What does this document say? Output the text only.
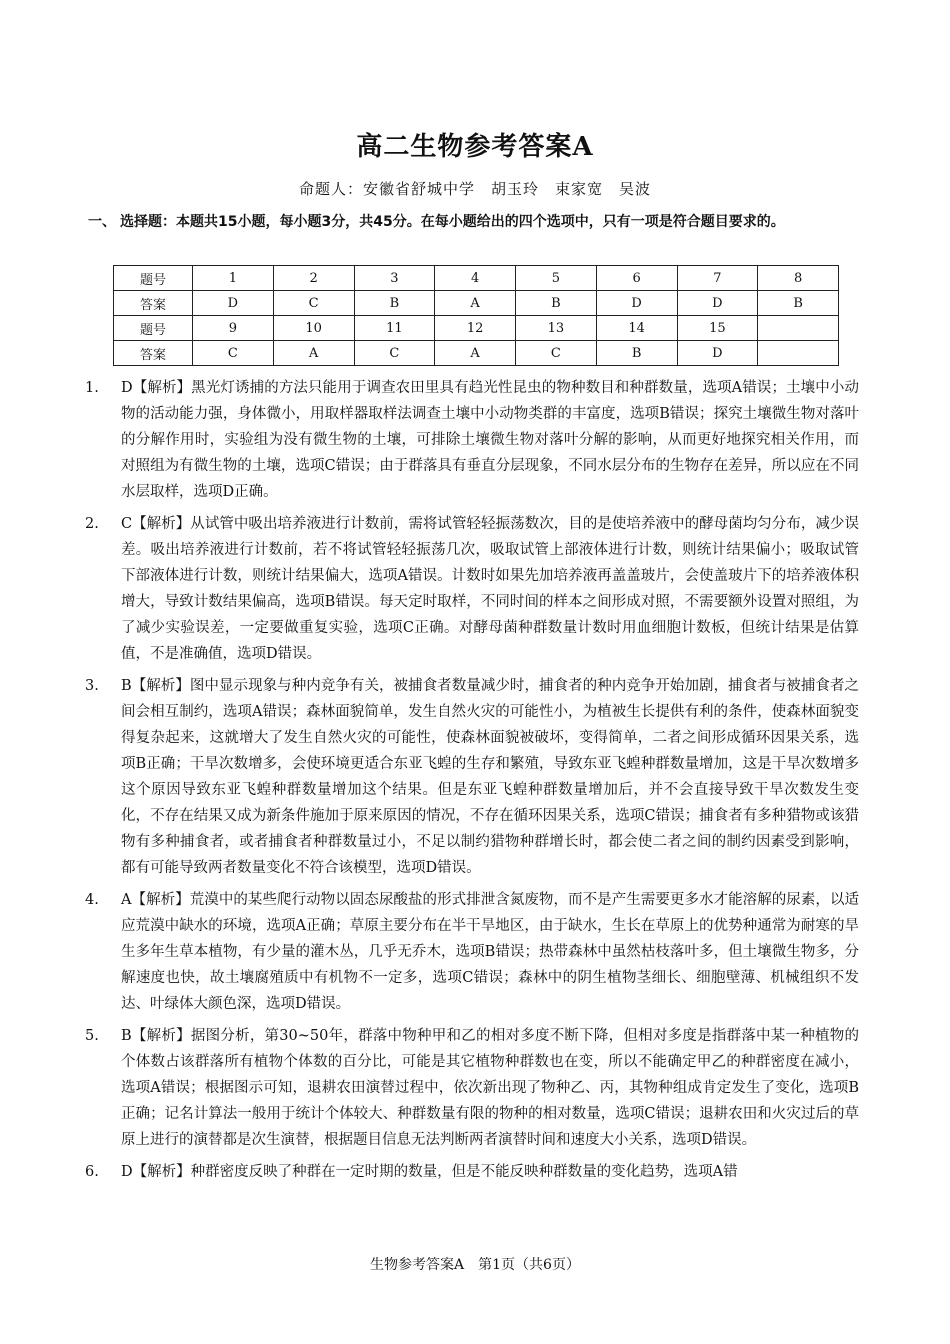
高二生物参考答案A
命题人：安徽省舒城中学　胡玉玲　束家宽　吴波
一、 选择题：本题共15小题，每小题3分，共45分。在每小题给出的四个选项中，只有一项是符合题目要求的。
题号	1	2	3	4	5	6	7	8
答案	D	C	B	A	B	D	D	B
题号	9	10	11	12	13	14	15	
答案	C	A	C	A	C	B	D	
1. D【解析】黑光灯诱捕的方法只能用于调查农田里具有趋光性昆虫的物种数目和种群数量，选项A错误；土壤中小动物的活动能力强，身体微小，用取样器取样法调查土壤中小动物类群的丰富度，选项B错误；探究土壤微生物对落叶的分解作用时，实验组为没有微生物的土壤，可排除土壤微生物对落叶分解的影响，从而更好地探究相关作用，而对照组为有微生物的土壤，选项C错误；由于群落具有垂直分层现象，不同水层分布的生物存在差异，所以应在不同水层取样，选项D正确。
2. C【解析】从试管中吸出培养液进行计数前，需将试管轻轻振荡数次，目的是使培养液中的酵母菌均匀分布，减少误差。吸出培养液进行计数前，若不将试管轻轻振荡几次，吸取试管上部液体进行计数，则统计结果偏小；吸取试管下部液体进行计数，则统计结果偏大，选项A错误。计数时如果先加培养液再盖盖玻片，会使盖玻片下的培养液体积增大，导致计数结果偏高，选项B错误。每天定时取样，不同时间的样本之间形成对照，不需要额外设置对照组，为了减少实验误差，一定要做重复实验，选项C正确。对酵母菌种群数量计数时用血细胞计数板，但统计结果是估算值，不是准确值，选项D错误。
3. B【解析】图中显示现象与种内竞争有关，被捕食者数量减少时，捕食者的种内竞争开始加剧，捕食者与被捕食者之间会相互制约，选项A错误；森林面貌简单，发生自然火灾的可能性小，为植被生长提供有利的条件，使森林面貌变得复杂起来，这就增大了发生自然火灾的可能性，使森林面貌被破坏，变得简单，二者之间形成循环因果关系，选项B正确；干旱次数增多，会使环境更适合东亚飞蝗的生存和繁殖，导致东亚飞蝗种群数量增加，这是干旱次数增多这个原因导致东亚飞蝗种群数量增加这个结果。但是东亚飞蝗种群数量增加后，并不会直接导致干旱次数发生变化，不存在结果又成为新条件施加于原来原因的情况，不存在循环因果关系，选项C错误；捕食者有多种猎物或该猎物有多种捕食者，或者捕食者种群数量过小，不足以制约猎物种群增长时，都会使二者之间的制约因素受到影响，都有可能导致两者数量变化不符合该模型，选项D错误。
4. A【解析】荒漠中的某些爬行动物以固态尿酸盐的形式排泄含氮废物，而不是产生需要更多水才能溶解的尿素，以适应荒漠中缺水的环境，选项A正确；草原主要分布在半干旱地区，由于缺水，生长在草原上的优势种通常为耐寒的旱生多年生草本植物，有少量的灌木丛，几乎无乔木，选项B错误；热带森林中虽然枯枝落叶多，但土壤微生物多，分解速度也快，故土壤腐殖质中有机物不一定多，选项C错误；森林中的阴生植物茎细长、细胞壁薄、机械组织不发达、叶绿体大颜色深，选项D错误。
5. B【解析】据图分析，第30~50年，群落中物种甲和乙的相对多度不断下降，但相对多度是指群落中某一种植物的个体数占该群落所有植物个体数的百分比，可能是其它植物种群数也在变，所以不能确定甲乙的种群密度在减小，选项A错误；根据图示可知，退耕农田演替过程中，依次新出现了物种乙、丙，其物种组成肯定发生了变化，选项B正确；记名计算法一般用于统计个体较大、种群数量有限的物种的相对数量，选项C错误；退耕农田和火灾过后的草原上进行的演替都是次生演替，根据题目信息无法判断两者演替时间和速度大小关系，选项D错误。
6. D【解析】种群密度反映了种群在一定时期的数量，但是不能反映种群数量的变化趋势，选项A错
生物参考答案A　第1页（共6页）
